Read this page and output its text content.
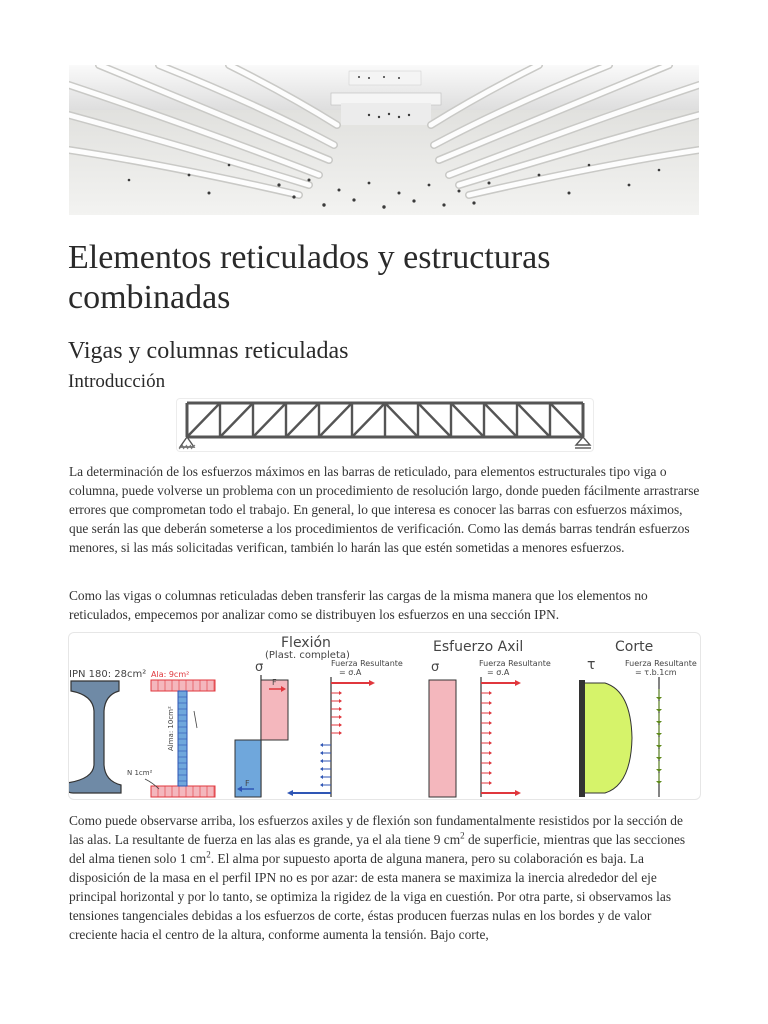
Elementos reticulados y estructuras combinadas
Vigas y columnas reticuladas
Introducción

La determinación de los esfuerzos máximos en las barras de reticulado, para elementos estructurales tipo viga o columna, puede volverse un problema con un procedimiento de resolución largo, donde pueden fácilmente arrastrarse errores que comprometan todo el trabajo. En general, lo que interesa es conocer las barras con esfuerzos máximos, que serán las que deberán someterse a los procedimientos de verificación. Como las demás barras tendrán esfuerzos menores, si las más solicitadas verifican, también lo harán las que estén sometidas a menores esfuerzos.

Como las vigas o columnas reticuladas deben transferir las cargas de la misma manera que los elementos no reticulados, empecemos por analizar como se distribuyen los esfuerzos en una sección IPN.

IPN 180: 28cm² Ala: 9cm²
Alma: 10cm²
N 1cm²
Flexión
(Plast. completa)
σ
F
F
Fuerza Resultante
= σ.A
Esfuerzo Axil
σ	Fuerza Resultante
= σ.A
Corte
τ	Fuerza Resultante
= τ.b.1cm

Como puede observarse arriba, los esfuerzos axiles y de flexión son fundamentalmente resistidos por la sección de las alas. La resultante de fuerza en las alas es grande, ya el ala tiene 9 $cm^2$ de superficie, mientras que las secciones del alma tienen solo 1 $cm^2$. El alma por supuesto aporta de alguna manera, pero su colaboración es baja. La disposición de la masa en el perfil IPN no es por azar: de esta manera se maximiza la inercia alrededor del eje principal horizontal y por lo tanto, se optimiza la rigidez de la viga en cuestión. Por otra parte, si observamos las tensiones tangenciales debidas a los esfuerzos de corte, éstas producen fuerzas nulas en los bordes y de valor creciente hacia el centro de la altura, conforme aumenta la tensión. Bajo corte,
